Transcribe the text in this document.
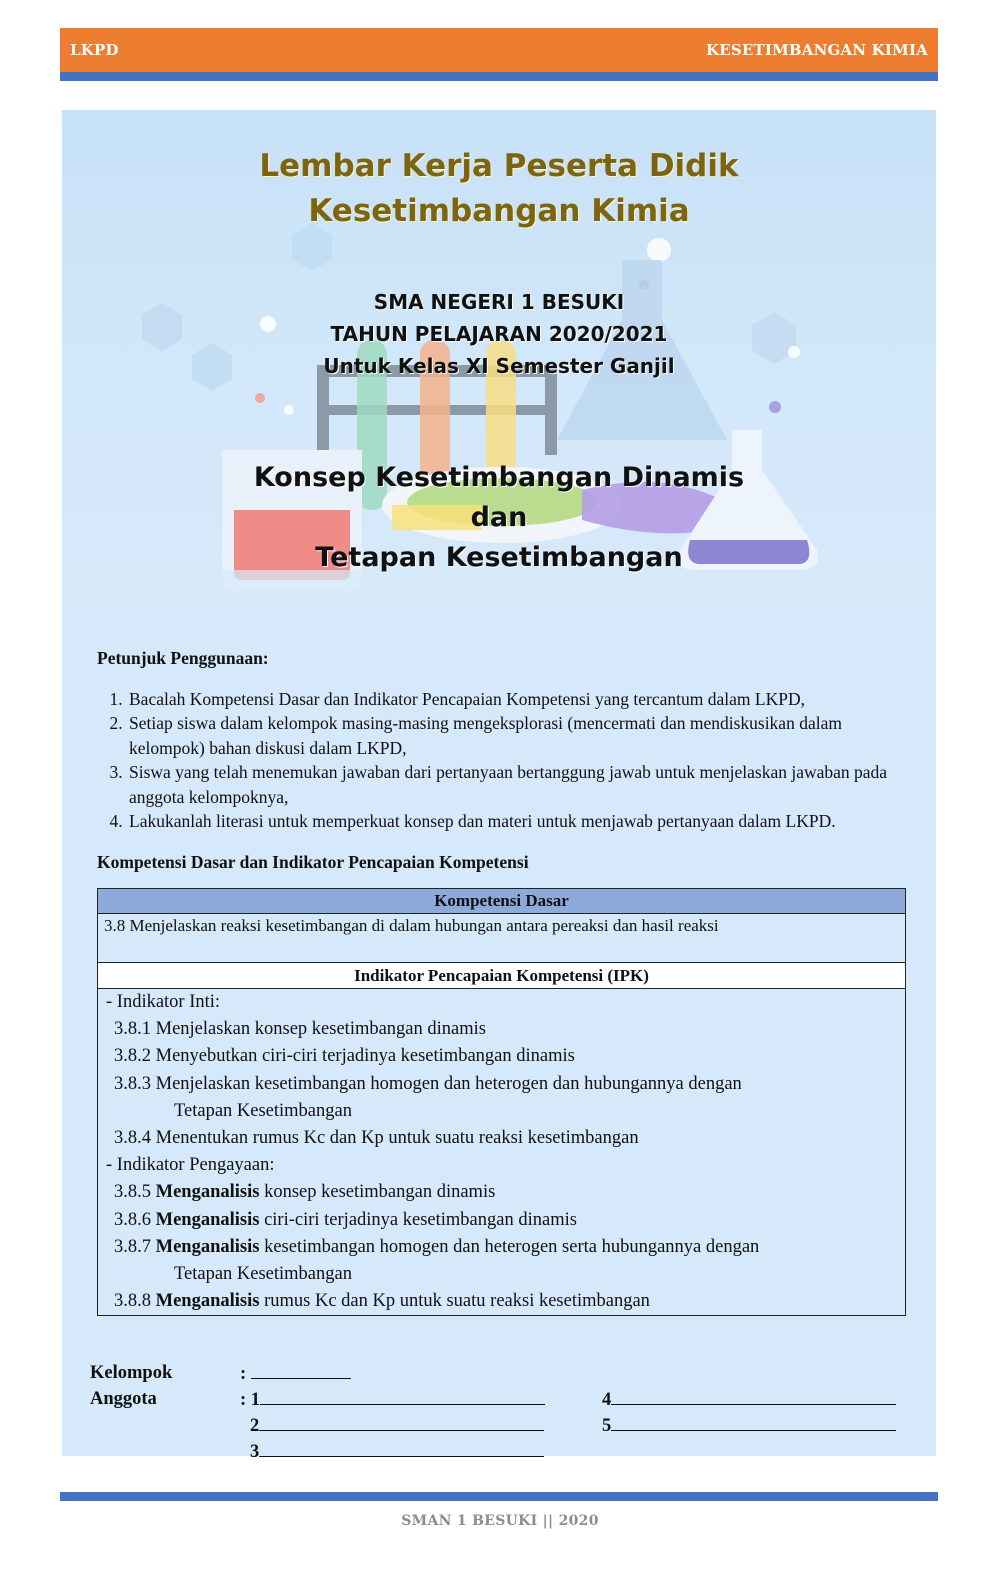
LKPD	KESETIMBANGAN KIMIA
Lembar Kerja Peserta Didik
Kesetimbangan Kimia
SMA NEGERI 1 BESUKI
TAHUN PELAJARAN 2020/2021
Untuk Kelas XI Semester Ganjil
Konsep Kesetimbangan Dinamis
dan
Tetapan Kesetimbangan

Petunjuk Penggunaan:

1. Bacalah Kompetensi Dasar dan Indikator Pencapaian Kompetensi yang tercantum dalam LKPD,
2. Setiap siswa dalam kelompok masing-masing mengeksplorasi (mencermati dan mendiskusikan dalam kelompok) bahan diskusi dalam LKPD,
3. Siswa yang telah menemukan jawaban dari pertanyaan bertanggung jawab untuk menjelaskan jawaban pada anggota kelompoknya,
4. Lakukanlah literasi untuk memperkuat konsep dan materi untuk menjawab pertanyaan dalam LKPD.

Kompetensi Dasar dan Indikator Pencapaian Kompetensi

Kompetensi Dasar
3.8 Menjelaskan reaksi kesetimbangan di dalam hubungan antara pereaksi dan hasil reaksi
Indikator Pencapaian Kompetensi (IPK)

- Indikator Inti:
3.8.1 Menjelaskan konsep kesetimbangan dinamis
3.8.2 Menyebutkan ciri-ciri terjadinya kesetimbangan dinamis
3.8.3 Menjelaskan kesetimbangan homogen dan heterogen dan hubungannya dengan
Tetapan Kesetimbangan
3.8.4 Menentukan rumus Kc dan Kp untuk suatu reaksi kesetimbangan
- Indikator Pengayaan:
3.8.5 Menganalisis konsep kesetimbangan dinamis
3.8.6 Menganalisis ciri-ciri terjadinya kesetimbangan dinamis
3.8.7 Menganalisis kesetimbangan homogen dan heterogen serta hubungannya dengan
Tetapan Kesetimbangan
3.8.8 Menganalisis rumus Kc dan Kp untuk suatu reaksi kesetimbangan
Kelompok	:
Anggota	: 1	4
2	5
3
SMAN 1 BESUKI || 2020
